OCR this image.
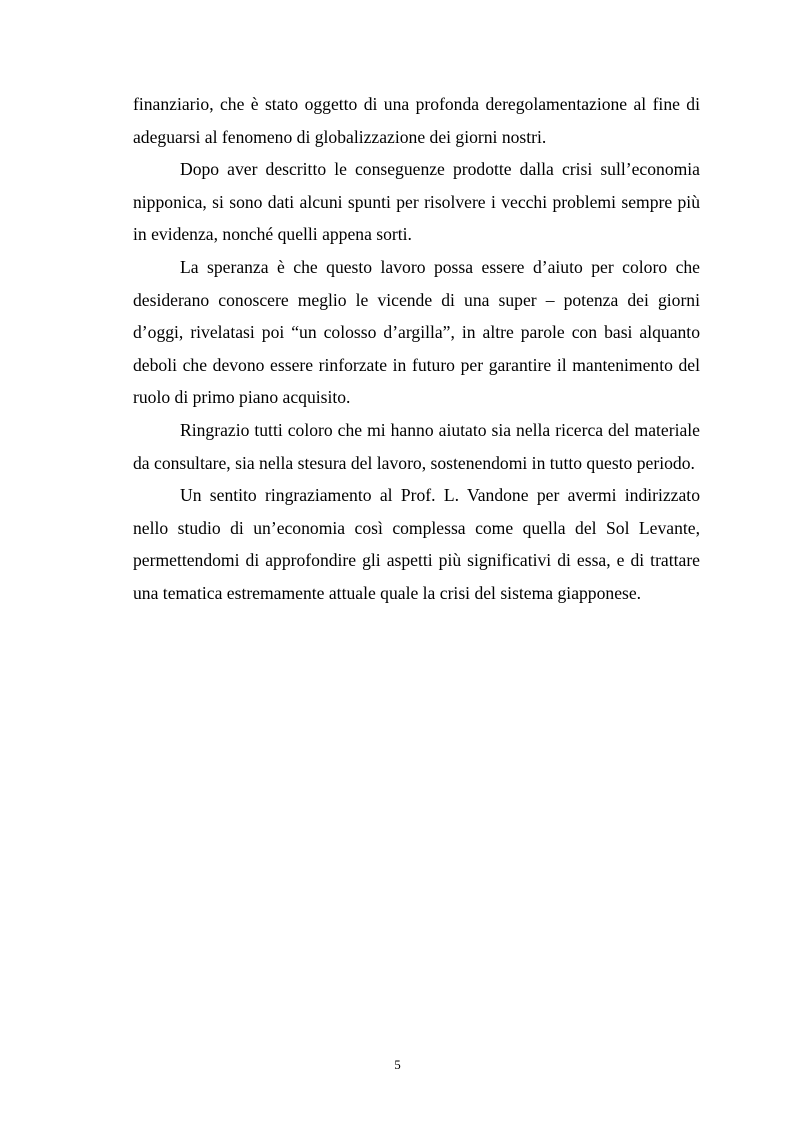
finanziario, che è stato oggetto di una profonda deregolamentazione al fine di adeguarsi al fenomeno di globalizzazione dei giorni nostri.

Dopo aver descritto le conseguenze prodotte dalla crisi sull’economia nipponica, si sono dati alcuni spunti per risolvere i vecchi problemi sempre più in evidenza, nonché quelli appena sorti.

La speranza è che questo lavoro possa essere d’aiuto per coloro che desiderano conoscere meglio le vicende di una super – potenza dei giorni d’oggi, rivelatasi poi “un colosso d’argilla”, in altre parole con basi alquanto deboli che devono essere rinforzate in futuro per garantire il mantenimento del ruolo di primo piano acquisito.

Ringrazio tutti coloro che mi hanno aiutato sia nella ricerca del materiale da consultare, sia nella stesura del lavoro, sostenendomi in tutto questo periodo.

Un sentito ringraziamento al Prof. L. Vandone per avermi indirizzato nello studio di un’economia così complessa come quella del Sol Levante, permettendomi di approfondire gli aspetti più significativi di essa, e di trattare una tematica estremamente attuale quale la crisi del sistema giapponese.

5
